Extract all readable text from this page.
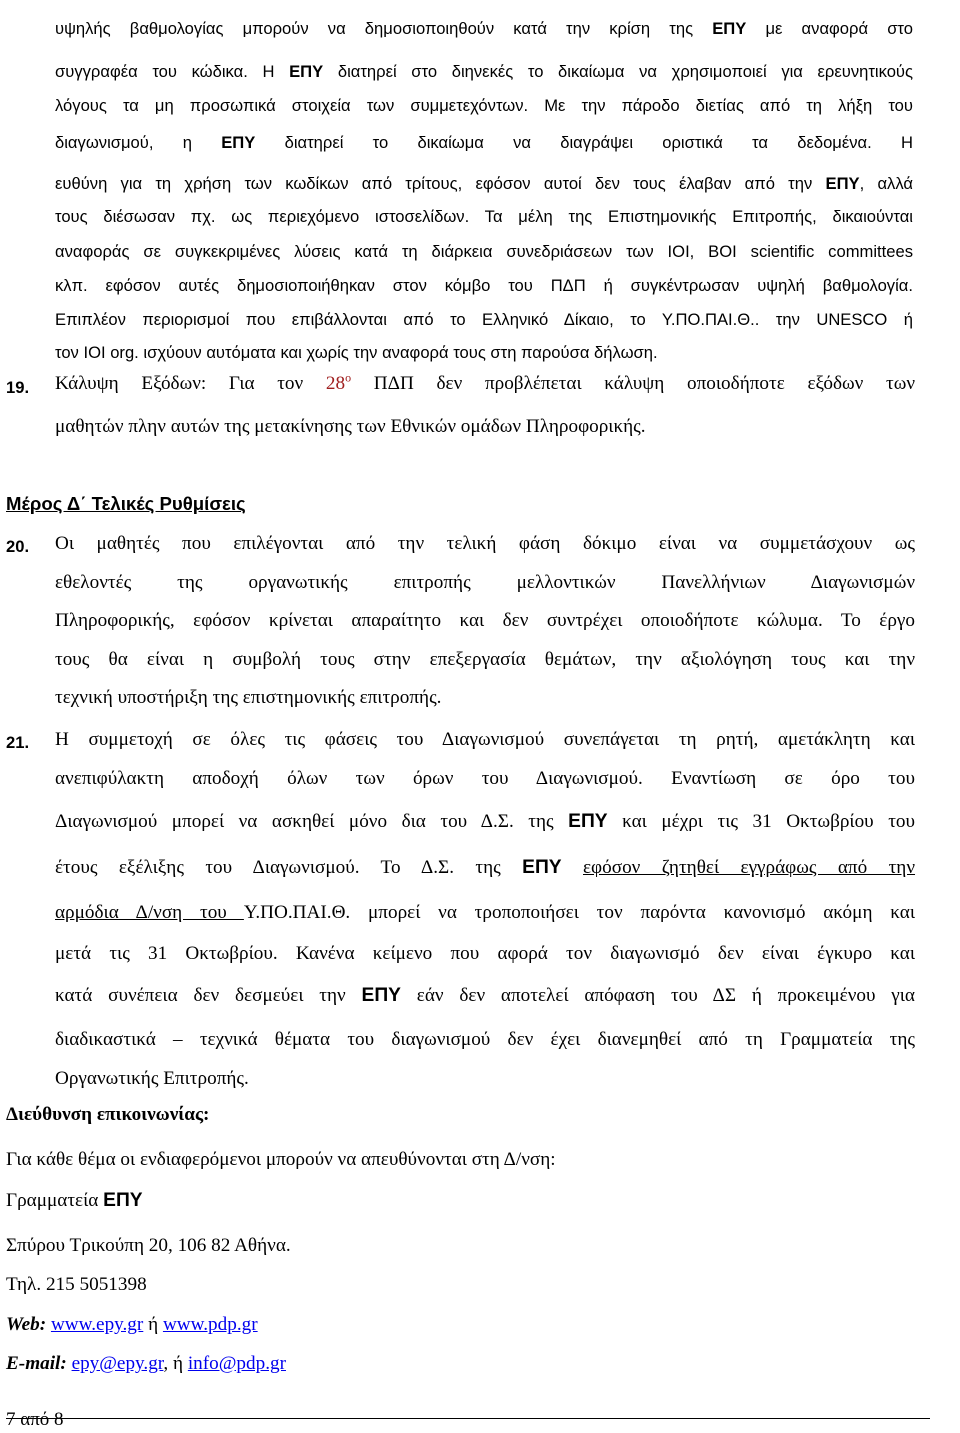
υψηλής βαθμολογίας μπορούν να δημοσιοποιηθούν κατά την κρίση της ΕΠΥ με αναφορά στο

συγγραφέα του κώδικα. Η ΕΠΥ διατηρεί στο διηνεκές το δικαίωμα να χρησιμοποιεί για ερευνητικούς

λόγους τα μη προσωπικά στοιχεία των συμμετεχόντων. Με την πάροδο διετίας από τη λήξη του

διαγωνισμού, η ΕΠΥ διατηρεί το δικαίωμα να διαγράψει οριστικά τα δεδομένα. Η

ευθύνη για τη χρήση των κωδίκων από τρίτους, εφόσον αυτοί δεν τους έλαβαν από την ΕΠΥ, αλλά

τους διέσωσαν πχ. ως περιεχόμενο ιστοσελίδων. Τα μέλη της Επιστημονικής Επιτροπής, δικαιούνται

αναφοράς σε συγκεκριμένες λύσεις κατά τη διάρκεια συνεδριάσεων των IOI, BOI scientific committees

κλπ. εφόσον αυτές δημοσιοποιήθηκαν στον κόμβο του ΠΔΠ ή συγκέντρωσαν υψηλή βαθμολογία.

Επιπλέον περιορισμοί που επιβάλλονται από το Ελληνικό Δίκαιο, το Υ.ΠΟ.ΠΑΙ.Θ.. την UNESCO ή

τον IOI org. ισχύουν αυτόματα και χωρίς την αναφορά τους στη παρούσα δήλωση.

19. Κάλυψη Εξόδων: Για τον $28^o$ ΠΔΠ δεν προβλέπεται κάλυψη οποιοδήποτε εξόδων των

μαθητών πλην αυτών της μετακίνησης των Εθνικών ομάδων Πληροφορικής.

Μέρος Δ΄ Τελικές Ρυθμίσεις
20. Οι μαθητές που επιλέγονται από την τελική φάση δόκιμο είναι να συμμετάσχουν ως

εθελοντές της οργανωτικής επιτροπής μελλοντικών Πανελλήνιων Διαγωνισμών

Πληροφορικής, εφόσον κρίνεται απαραίτητο και δεν συντρέχει οποιοδήποτε κώλυμα. Το έργο

τους θα είναι η συμβολή τους στην επεξεργασία θεμάτων, την αξιολόγηση τους και την

τεχνική υποστήριξη της επιστημονικής επιτροπής.

21. Η συμμετοχή σε όλες τις φάσεις του Διαγωνισμού συνεπάγεται τη ρητή, αμετάκλητη και

ανεπιφύλακτη αποδοχή όλων των όρων του Διαγωνισμού. Εναντίωση σε όρο του

Διαγωνισμού μπορεί να ασκηθεί μόνο δια του Δ.Σ. της ΕΠΥ και μέχρι τις 31 Οκτωβρίου του

έτους εξέλιξης του Διαγωνισμού. Το Δ.Σ. της ΕΠΥ εφόσον ζητηθεί εγγράφως από την

αρμόδια Δ/νση του Υ.ΠΟ.ΠΑΙ.Θ. μπορεί να τροποποιήσει τον παρόντα κανονισμό ακόμη και

μετά τις 31 Οκτωβρίου. Κανένα κείμενο που αφορά τον διαγωνισμό δεν είναι έγκυρο και

κατά συνέπεια δεν δεσμεύει την ΕΠΥ εάν δεν αποτελεί απόφαση του ΔΣ ή προκειμένου για

διαδικαστικά – τεχνικά θέματα του διαγωνισμού δεν έχει διανεμηθεί από τη Γραμματεία της

Οργανωτικής Επιτροπής.

Διεύθυνση επικοινωνίας:
Για κάθε θέμα οι ενδιαφερόμενοι μπορούν να απευθύνονται στη Δ/νση:
Γραμματεία ΕΠΥ
Σπύρου Τρικούπη 20, 106 82 Αθήνα.
Τηλ. 215 5051398
Web: www.epy.gr ή www.pdp.gr
E-mail: epy@epy.gr, ή info@pdp.gr
7 από 8
